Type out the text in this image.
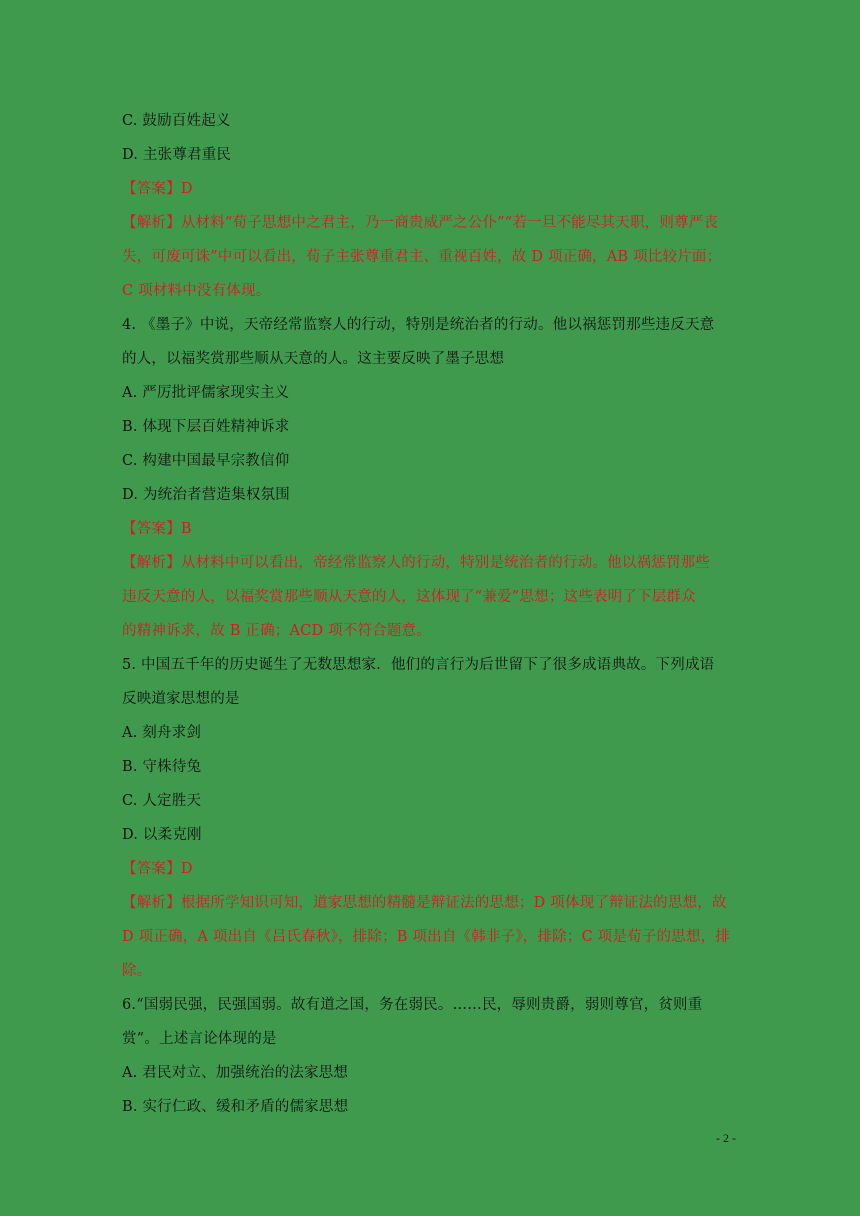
C. 鼓励百姓起义
D. 主张尊君重民
【答案】D
【解析】从材料“荀子思想中之君主，乃一商贵威严之公仆”“若一旦不能尽其天职，则尊严丧
失，可废可诛”中可以看出，荀子主张尊重君主、重视百姓，故 D 项正确，AB 项比较片面；
C 项材料中没有体现。
4. 《墨子》中说，天帝经常监察人的行动，特别是统治者的行动。他以祸惩罚那些违反天意
的人，以福奖赏那些顺从天意的人。这主要反映了墨子思想
A. 严厉批评儒家现实主义
B. 体现下层百姓精神诉求
C. 构建中国最早宗教信仰
D. 为统治者营造集权氛围
【答案】B
【解析】从材料中可以看出，帝经常监察人的行动，特别是统治者的行动。他以祸惩罚那些
违反天意的人，以福奖赏那些顺从天意的人，这体现了“兼爱”思想；这些表明了下层群众
的精神诉求，故 B 正确；ACD 项不符合题意。
5. 中国五千年的历史诞生了无数思想家．他们的言行为后世留下了很多成语典故。下列成语
反映道家思想的是
A. 刻舟求剑
B. 守株待兔
C. 人定胜天
D. 以柔克刚
【答案】D
【解析】根据所学知识可知，道家思想的精髓是辩证法的思想；D 项体现了辩证法的思想，故
D 项正确，A 项出自《吕氏春秋》，排除；B 项出自《韩非子》，排除；C 项是荀子的思想，排
除。
6.“国弱民强，民强国弱。故有道之国，务在弱民。……民，辱则贵爵，弱则尊官，贫则重
赏”。上述言论体现的是
A. 君民对立、加强统治的法家思想
B. 实行仁政、缓和矛盾的儒家思想
- 2 -
